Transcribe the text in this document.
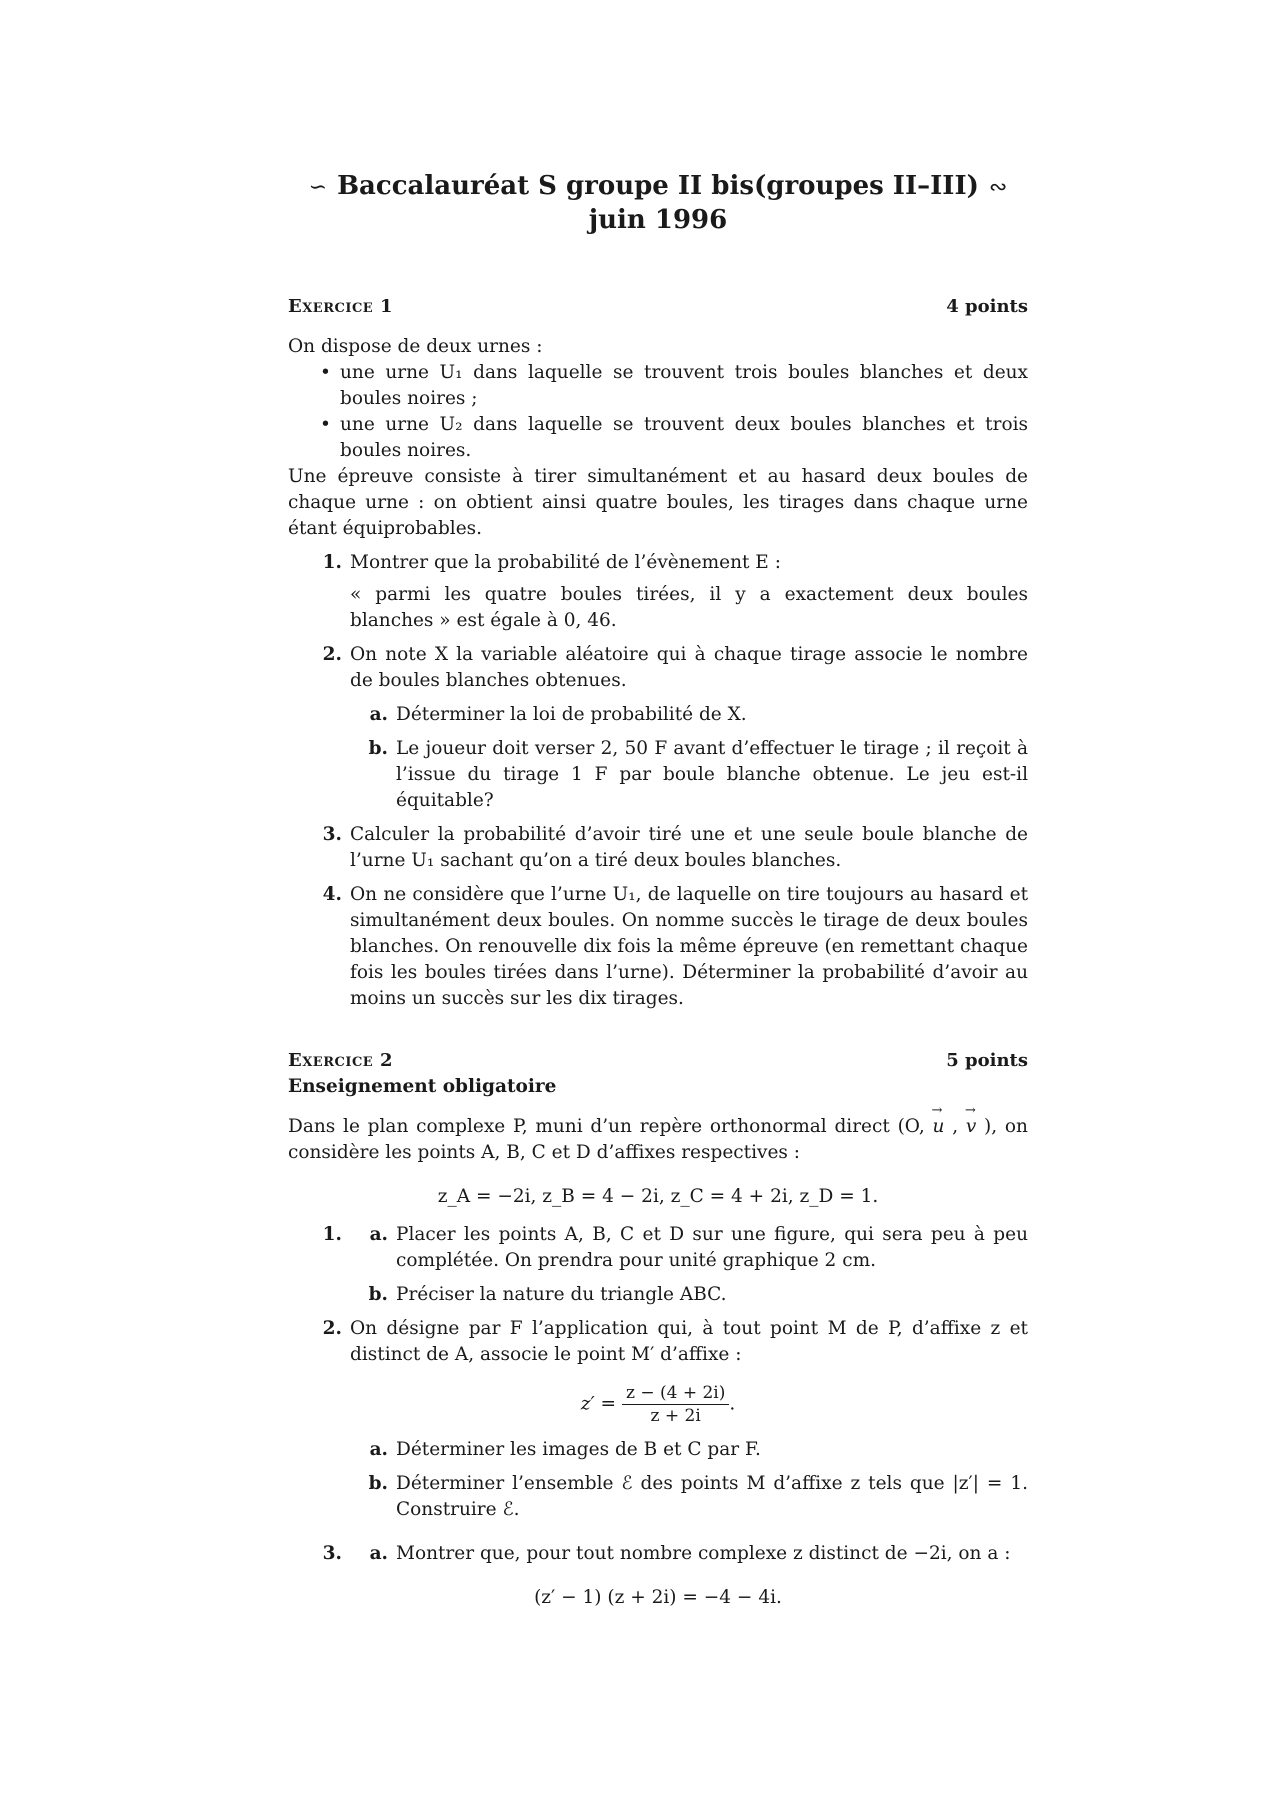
∽ Baccalauréat S groupe II bis(groupes II–III) ∾
juin 1996
Exercice 1	4 points

On dispose de deux urnes :

• une urne U₁ dans laquelle se trouvent trois boules blanches et deux boules noires ;
• une urne U₂ dans laquelle se trouvent deux boules blanches et trois boules noires.

Une épreuve consiste à tirer simultanément et au hasard deux boules de chaque urne : on obtient ainsi quatre boules, les tirages dans chaque urne étant équiprobables.

1. Montrer que la probabilité de l’évènement E :
« parmi les quatre boules tirées, il y a exactement deux boules blanches » est égale à 0, 46.
2. On note X la variable aléatoire qui à chaque tirage associe le nombre de boules blanches obtenues.
a. Déterminer la loi de probabilité de X.
b. Le joueur doit verser 2, 50 F avant d’effectuer le tirage ; il reçoit à l’issue du tirage 1 F par boule blanche obtenue. Le jeu est-il équitable?
3. Calculer la probabilité d’avoir tiré une et une seule boule blanche de l’urne U₁ sachant qu’on a tiré deux boules blanches.
4. On ne considère que l’urne U₁, de laquelle on tire toujours au hasard et simultanément deux boules. On nomme succès le tirage de deux boules blanches. On renouvelle dix fois la même épreuve (en remettant chaque fois les boules tirées dans l’urne). Déterminer la probabilité d’avoir au moins un succès sur les dix tirages.
Exercice 2	5 points
Enseignement obligatoire

Dans le plan complexe P, muni d’un repère orthonormal direct (O, → u , → v ), on considère les points A, B, C et D d’affixes respectives :

z_A = −2i, z_B = 4 − 2i, z_C = 4 + 2i, z_D = 1.
1.	a. Placer les points A, B, C et D sur une figure, qui sera peu à peu complétée. On prendra pour unité graphique 2 cm.
b. Préciser la nature du triangle ABC.
2. On désigne par F l’application qui, à tout point M de P, d’affixe z et distinct de A, associe le point M′ d’affixe :
$z' = \frac{z - (4 + 2i)}{z + 2i}$ .
a. Déterminer les images de B et C par F.
b. Déterminer l’ensemble ℰ des points M d’affixe z tels que |z′| = 1. Construire ℰ.
3.	a. Montrer que, pour tout nombre complexe z distinct de −2i, on a :
(z′ − 1) (z + 2i) = −4 − 4i.
